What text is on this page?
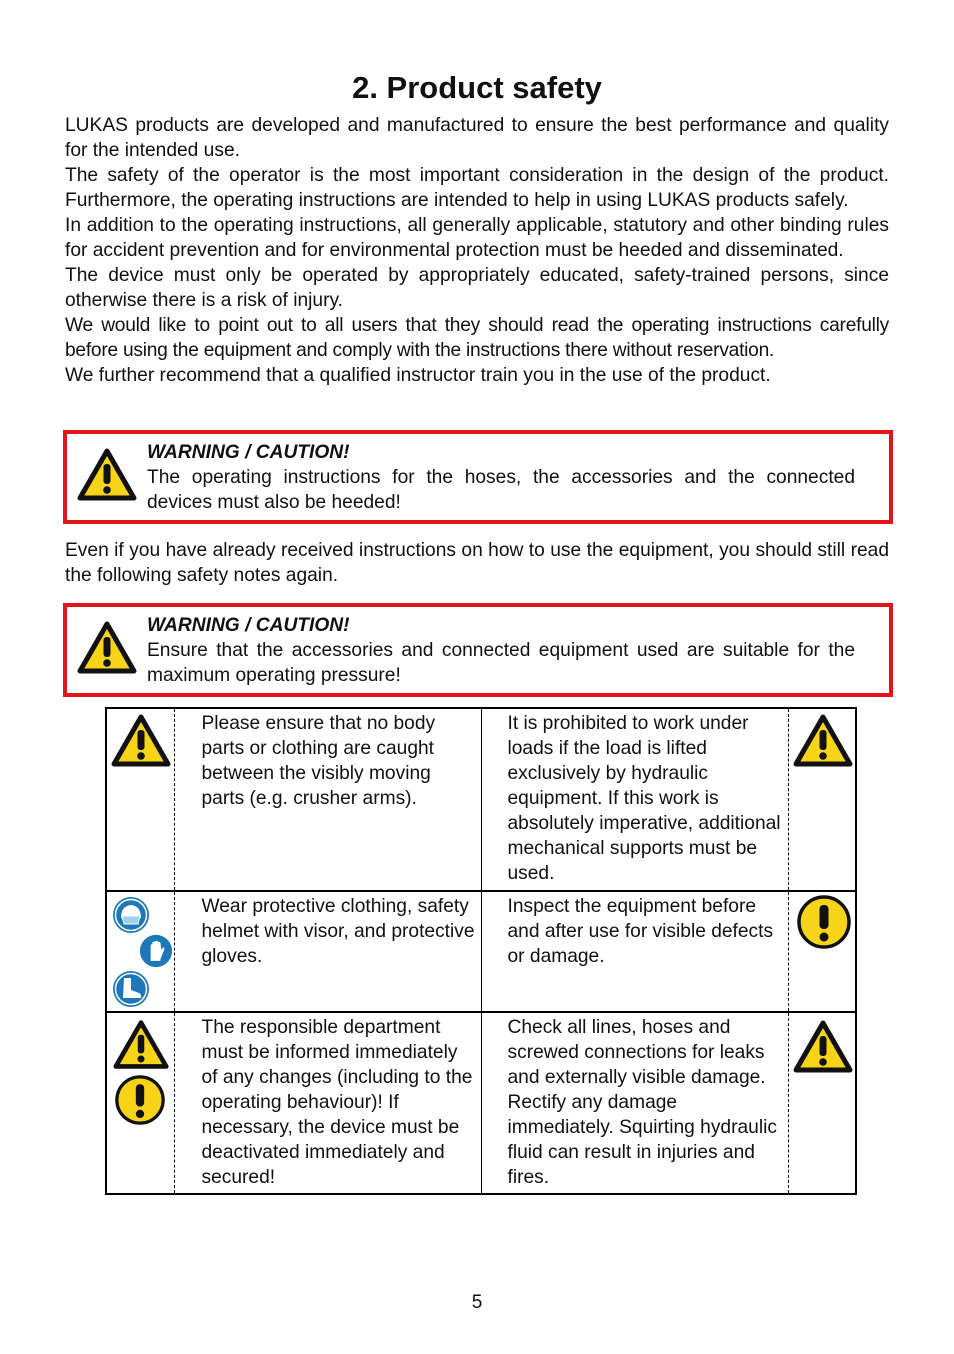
2. Product safety

LUKAS products are developed and manufactured to ensure the best performance and quality for the intended use.

The safety of the operator is the most important consideration in the design of the product. Furthermore, the operating instructions are intended to help in using LUKAS products safely.

In addition to the operating instructions, all generally applicable, statutory and other binding rules for accident prevention and for environmental protection must be heeded and disseminated.

The device must only be operated by appropriately educated, safety-trained persons, since otherwise there is a risk of injury.

We would like to point out to all users that they should read the operating instructions carefully before using the equipment and comply with the instructions there without reservation.

We further recommend that a qualified instructor train you in the use of the product.

WARNING / CAUTION!

The operating instructions for the hoses, the accessories and the connected devices must also be heeded!

Even if you have already received instructions on how to use the equipment, you should still read the following safety notes again.

WARNING / CAUTION!

Ensure that the accessories and connected equipment used are suitable for the maximum operating pressure!

	Please ensure that no body parts or clothing are caught between the visibly moving parts (e.g. crusher arms).	It is prohibited to work under loads if the load is lifted exclusively by hydraulic equipment. If this work is absolutely imperative, additional mechanical supports must be used.	

	Wear protective clothing, safety helmet with visor, and protective gloves.	Inspect the equipment before and after use for visible defects or damage.	

	The responsible department must be informed immediately of any changes (including to the operating behaviour)! If necessary, the device must be deactivated immediately and secured!	Check all lines, hoses and screwed connections for leaks and externally visible damage. Rectify any damage immediately. Squirting hydraulic fluid can result in injuries and fires.	
5
